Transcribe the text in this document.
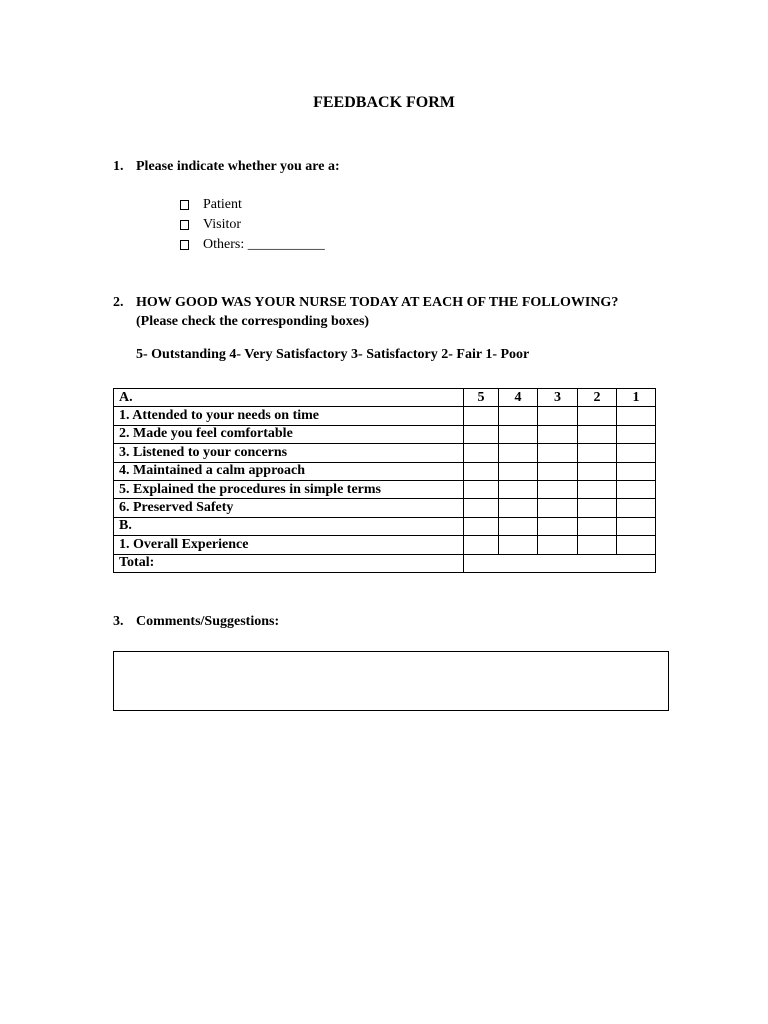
FEEDBACK FORM
1. Please indicate whether you are a:
Patient
Visitor
Others: ___________
2. HOW GOOD WAS YOUR NURSE TODAY AT EACH OF THE FOLLOWING?
(Please check the corresponding boxes)
5- Outstanding 4- Very Satisfactory 3- Satisfactory 2- Fair 1- Poor
A.	5	4	3	2	1
1. Attended to your needs on time					
2. Made you feel comfortable					
3. Listened to your concerns					
4. Maintained a calm approach					
5. Explained the procedures in simple terms					
6. Preserved Safety					
B.					
1. Overall Experience					
Total:					
3. Comments/Suggestions:
